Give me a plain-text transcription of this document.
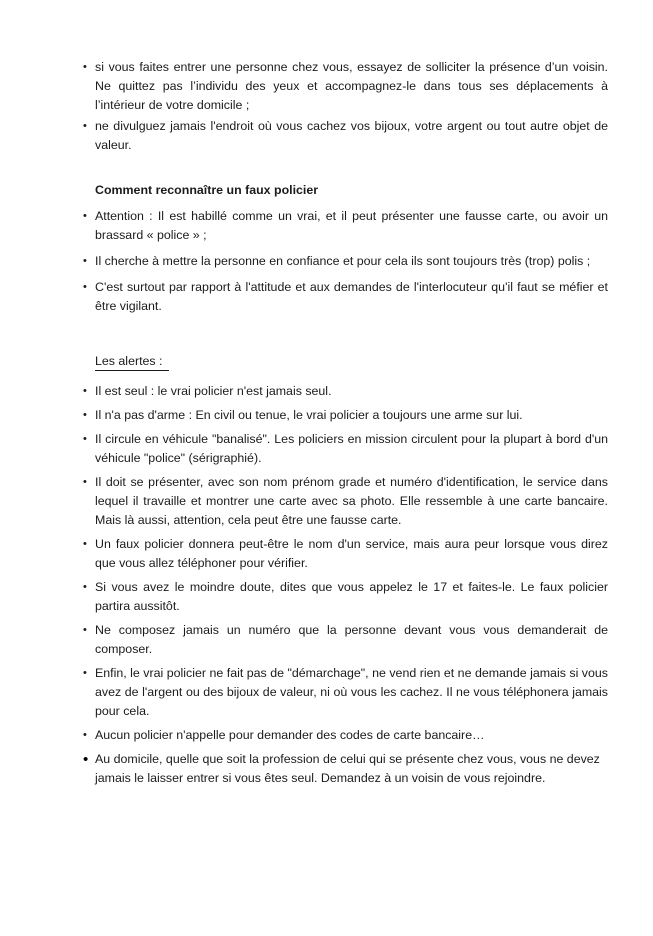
• si vous faites entrer une personne chez vous, essayez de solliciter la présence d’un voisin. Ne quittez pas l’individu des yeux et accompagnez-le dans tous ses déplacements à l’intérieur de votre domicile ;
• ne divulguez jamais l'endroit où vous cachez vos bijoux, votre argent ou tout autre objet de valeur.
Comment reconnaître un faux policier
• Attention : Il est habillé comme un vrai, et il peut présenter une fausse carte, ou avoir un brassard « police » ;
• Il cherche à mettre la personne en confiance et pour cela ils sont toujours très (trop) polis ;
• C'est surtout par rapport à l'attitude et aux demandes de l'interlocuteur qu'il faut se méfier et être vigilant.
Les alertes :
• Il est seul : le vrai policier n'est jamais seul.
• Il n'a pas d'arme : En civil ou tenue, le vrai policier a toujours une arme sur lui.
• Il circule en véhicule "banalisé". Les policiers en mission circulent pour la plupart à bord d'un véhicule "police" (sérigraphié).
• Il doit se présenter, avec son nom prénom grade et numéro d'identification, le service dans lequel il travaille et montrer une carte avec sa photo. Elle ressemble à une carte bancaire. Mais là aussi, attention, cela peut être une fausse carte.
• Un faux policier donnera peut-être le nom d'un service, mais aura peur lorsque vous direz que vous allez téléphoner pour vérifier.
• Si vous avez le moindre doute, dites que vous appelez le 17 et faites-le. Le faux policier partira aussitôt.
• Ne composez jamais un numéro que la personne devant vous vous demanderait de composer.
• Enfin, le vrai policier ne fait pas de "démarchage", ne vend rien et ne demande jamais si vous avez de l'argent ou des bijoux de valeur, ni où vous les cachez. Il ne vous téléphonera jamais pour cela.
• Aucun policier n'appelle pour demander des codes de carte bancaire…
• Au domicile, quelle que soit la profession de celui qui se présente chez vous, vous ne devez jamais le laisser entrer si vous êtes seul. Demandez à un voisin de vous rejoindre.
